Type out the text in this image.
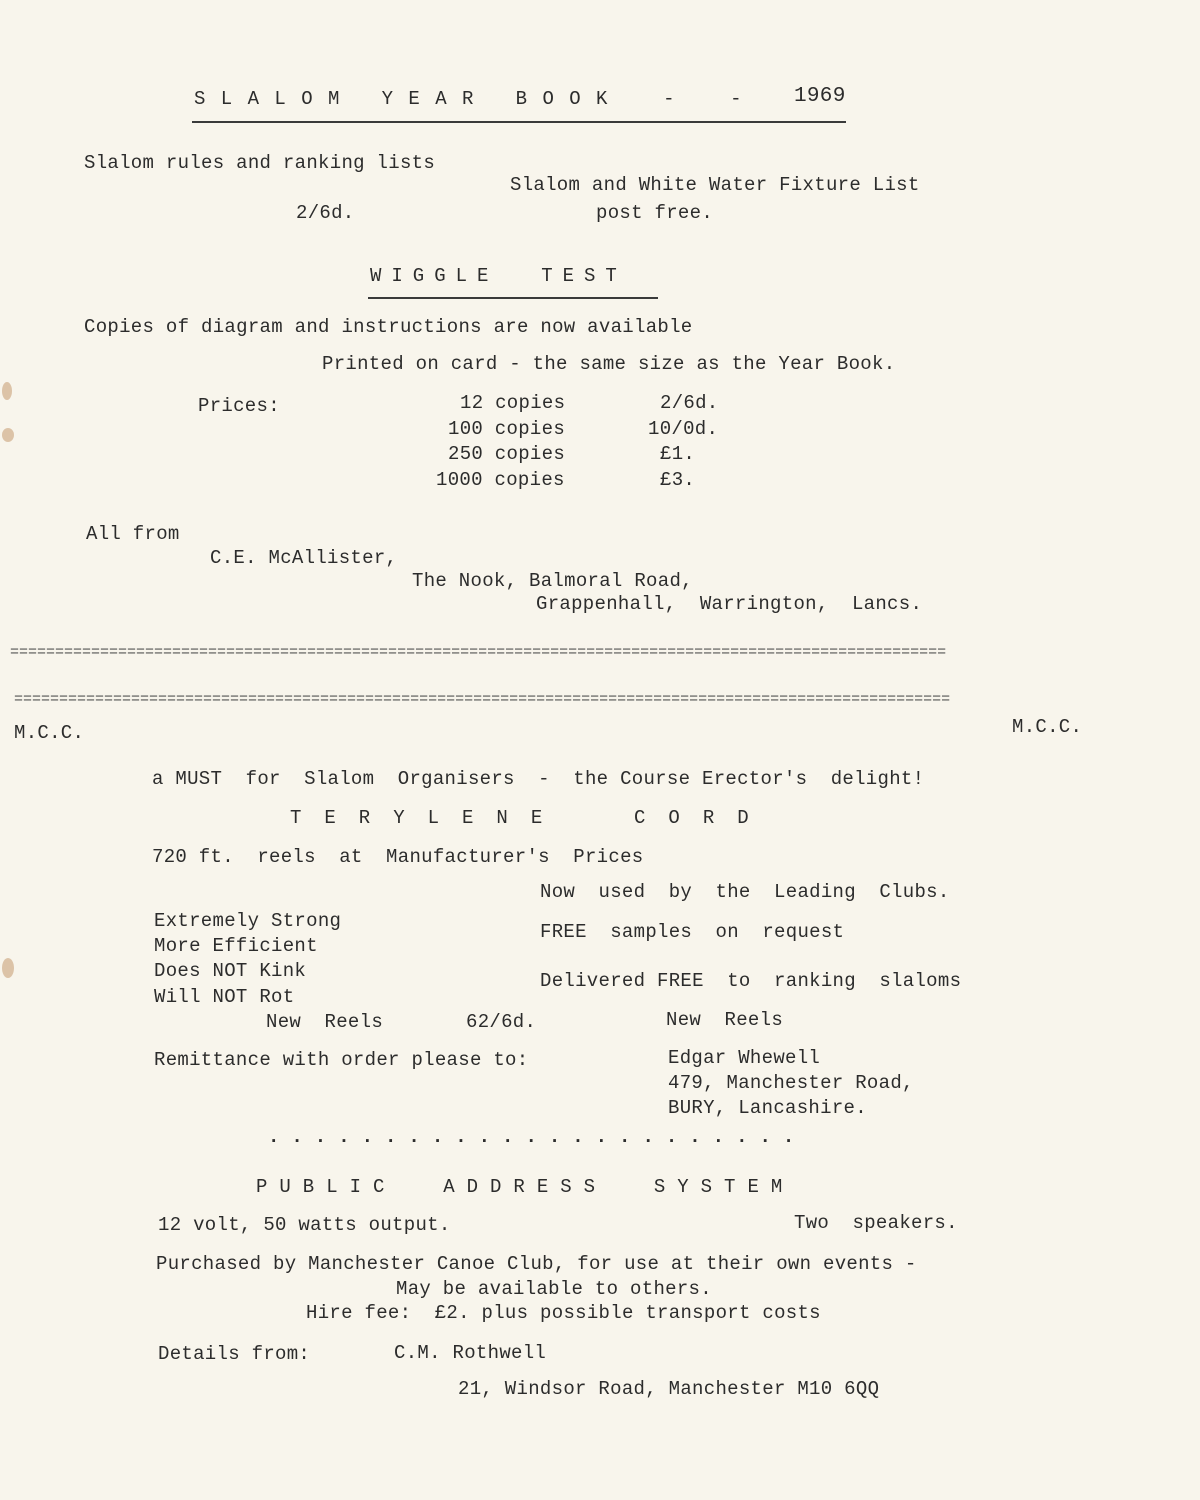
S L A L O M   Y E A R   B O O K    -    - 1969
Slalom rules and ranking lists
Slalom and White Water Fixture List
2/6d.	post free.
WIGGLE  TEST
Copies of diagram and instructions are now available
Printed on card - the same size as the Year Book.
Prices:	12 copies	2/6d.
100 copies	10/0d.
250 copies	£1.
1000 copies	£3.
All from
C.E. McAllister,
The Nook, Balmoral Road,
Grappenhall,  Warrington,  Lancs.
========================================================================================================
========================================================================================================
M.C.C.	M.C.C.
a MUST  for  Slalom  Organisers  -  the Course Erector's  delight!
TERYLENE  CORD
720 ft.  reels  at  Manufacturer's  Prices
Now  used  by  the  Leading  Clubs.
Extremely Strong
More Efficient
Does NOT Kink
Will NOT Rot
FREE  samples  on  request
Delivered FREE  to  ranking  slaloms
New  Reels	62/6d.	New  Reels
Remittance with order please to:	Edgar Whewell
479, Manchester Road,
BURY, Lancashire.
. . . . . . . . . . . . . . . . . . . . . . .
PUBLIC  ADDRESS  SYSTEM
12 volt, 50 watts output.	Two  speakers.
Purchased by Manchester Canoe Club, for use at their own events -
May be available to others.
Hire fee:  £2. plus possible transport costs
Details from:	C.M. Rothwell
21, Windsor Road, Manchester M10 6QQ
